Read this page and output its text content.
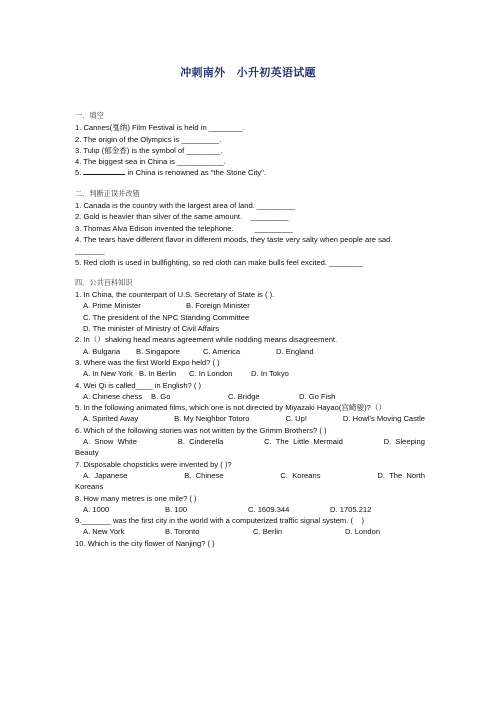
冲刺南外　小升初英语试题
一．填空
1. Cannes(戛纳) Film Festival is held in ________.
2. The origin of the Olympics is _________.
3. Tulip (郁金香) is the symbol of ________.
4. The biggest sea in China is ___________.
5.	in China is renowned as "the Stone City".
二．判断正误并改错
1. Canada is the country with the largest area of land. _________
2. Gold is heavier than silver of the same amount.    _________
3. Thomas Alva Edison invented the telephone.          _________
4. The tears have different flavor in different moods, they taste very salty when people are sad.                                    _______
5. Red cloth is used in bullfighting, so red cloth can make bulls feel excited. ________
四．公共百科知识
1. In China, the counterpart of U.S. Secretary of State is ( ).
A. Prime Minister	B. Foreign Minister
C. The president of the NPC Standing Committee
D. The minister of Ministry of Civil Affairs
2. In（）shaking head means agreement while nodding means disagreement.
A. Bulgaria	B. Singapore	C. America	D. England
3. Where was the first World Expo held? ( )
A. In New York B. In Berlin	C. In London	D. In Tokyo
4. Wei Qi is called____ in English? ( )
A. Chinese chess	B. Go	C. Bridge	D. Go Fish
5. In the following animated films, which one is not directed by Miyazaki Hayao(宫崎骏)?（）
A. Spirited Away	B. My Neighbor Totoro	C. Up!	D. Howl's Moving Castle
6. Which of the following stories was not written by the Grimm Brothers? ( )
A.  Snow  White	B.  Cinderella	C.  The  Little  Mermaid	D.  Sleeping
Beauty
7. Disposable chopsticks were invented by ( )?
A.  Japanese	B.  Chinese	C.  Koreans	D.  The  North
Koreans
8. How many metres is one mile? ( )
A. 1000	B. 100	C. 1609.344	D. 1705.212
9._______ was the first city in the world with a computerized traffic signal system. (    )
A. New York	B. Toronto	C. Berlin	D. London
10. Which is the city flower of Nanjing? ( )
